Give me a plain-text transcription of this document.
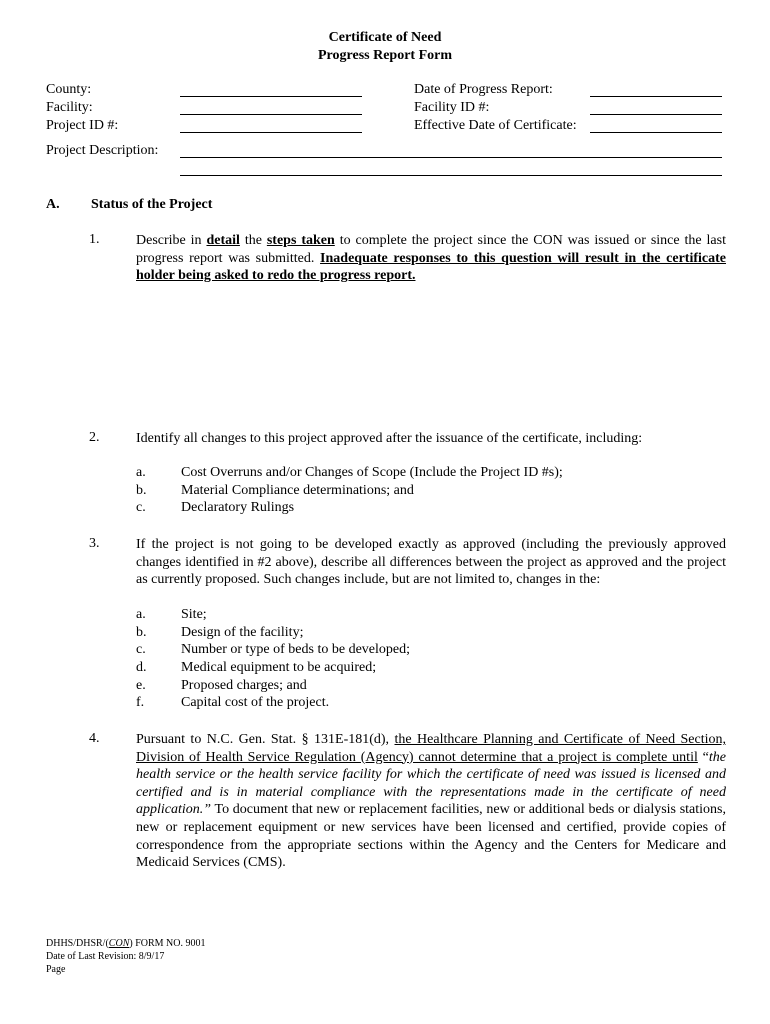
Certificate of Need
Progress Report Form
County:
Facility:
Project ID #:
Date of Progress Report:
Facility ID #:
Effective Date of Certificate:
Project Description:
A. Status of the Project
1.	Describe in detail the steps taken to complete the project since the CON was issued or since the last progress report was submitted. Inadequate responses to this question will result in the certificate holder being asked to redo the progress report.
2.	Identify all changes to this project approved after the issuance of the certificate, including:
a.	Cost Overruns and/or Changes of Scope (Include the Project ID #s);
b. Material Compliance determinations; and
c.	Declaratory Rulings
3.	If the project is not going to be developed exactly as approved (including the previously approved changes identified in #2 above), describe all differences between the project as approved and the project as currently proposed. Such changes include, but are not limited to, changes in the:
a.	Site;
b. Design of the facility;
c.	Number or type of beds to be developed;
d. Medical equipment to be acquired;
e.	Proposed charges; and
f.	Capital cost of the project.
4.	Pursuant to N.C. Gen. Stat. § 131E-181(d), the Healthcare Planning and Certificate of Need Section, Division of Health Service Regulation (Agency) cannot determine that a project is complete until “the health service or the health service facility for which the certificate of need was issued is licensed and certified and is in material compliance with the representations made in the certificate of need application.” To document that new or replacement facilities, new or additional beds or dialysis stations, new or replacement equipment or new services have been licensed and certified, provide copies of correspondence from the appropriate sections within the Agency and the Centers for Medicare and Medicaid Services (CMS).
DHHS/DHSR/(CON) FORM NO. 9001
Date of Last Revision: 8/9/17
Page
